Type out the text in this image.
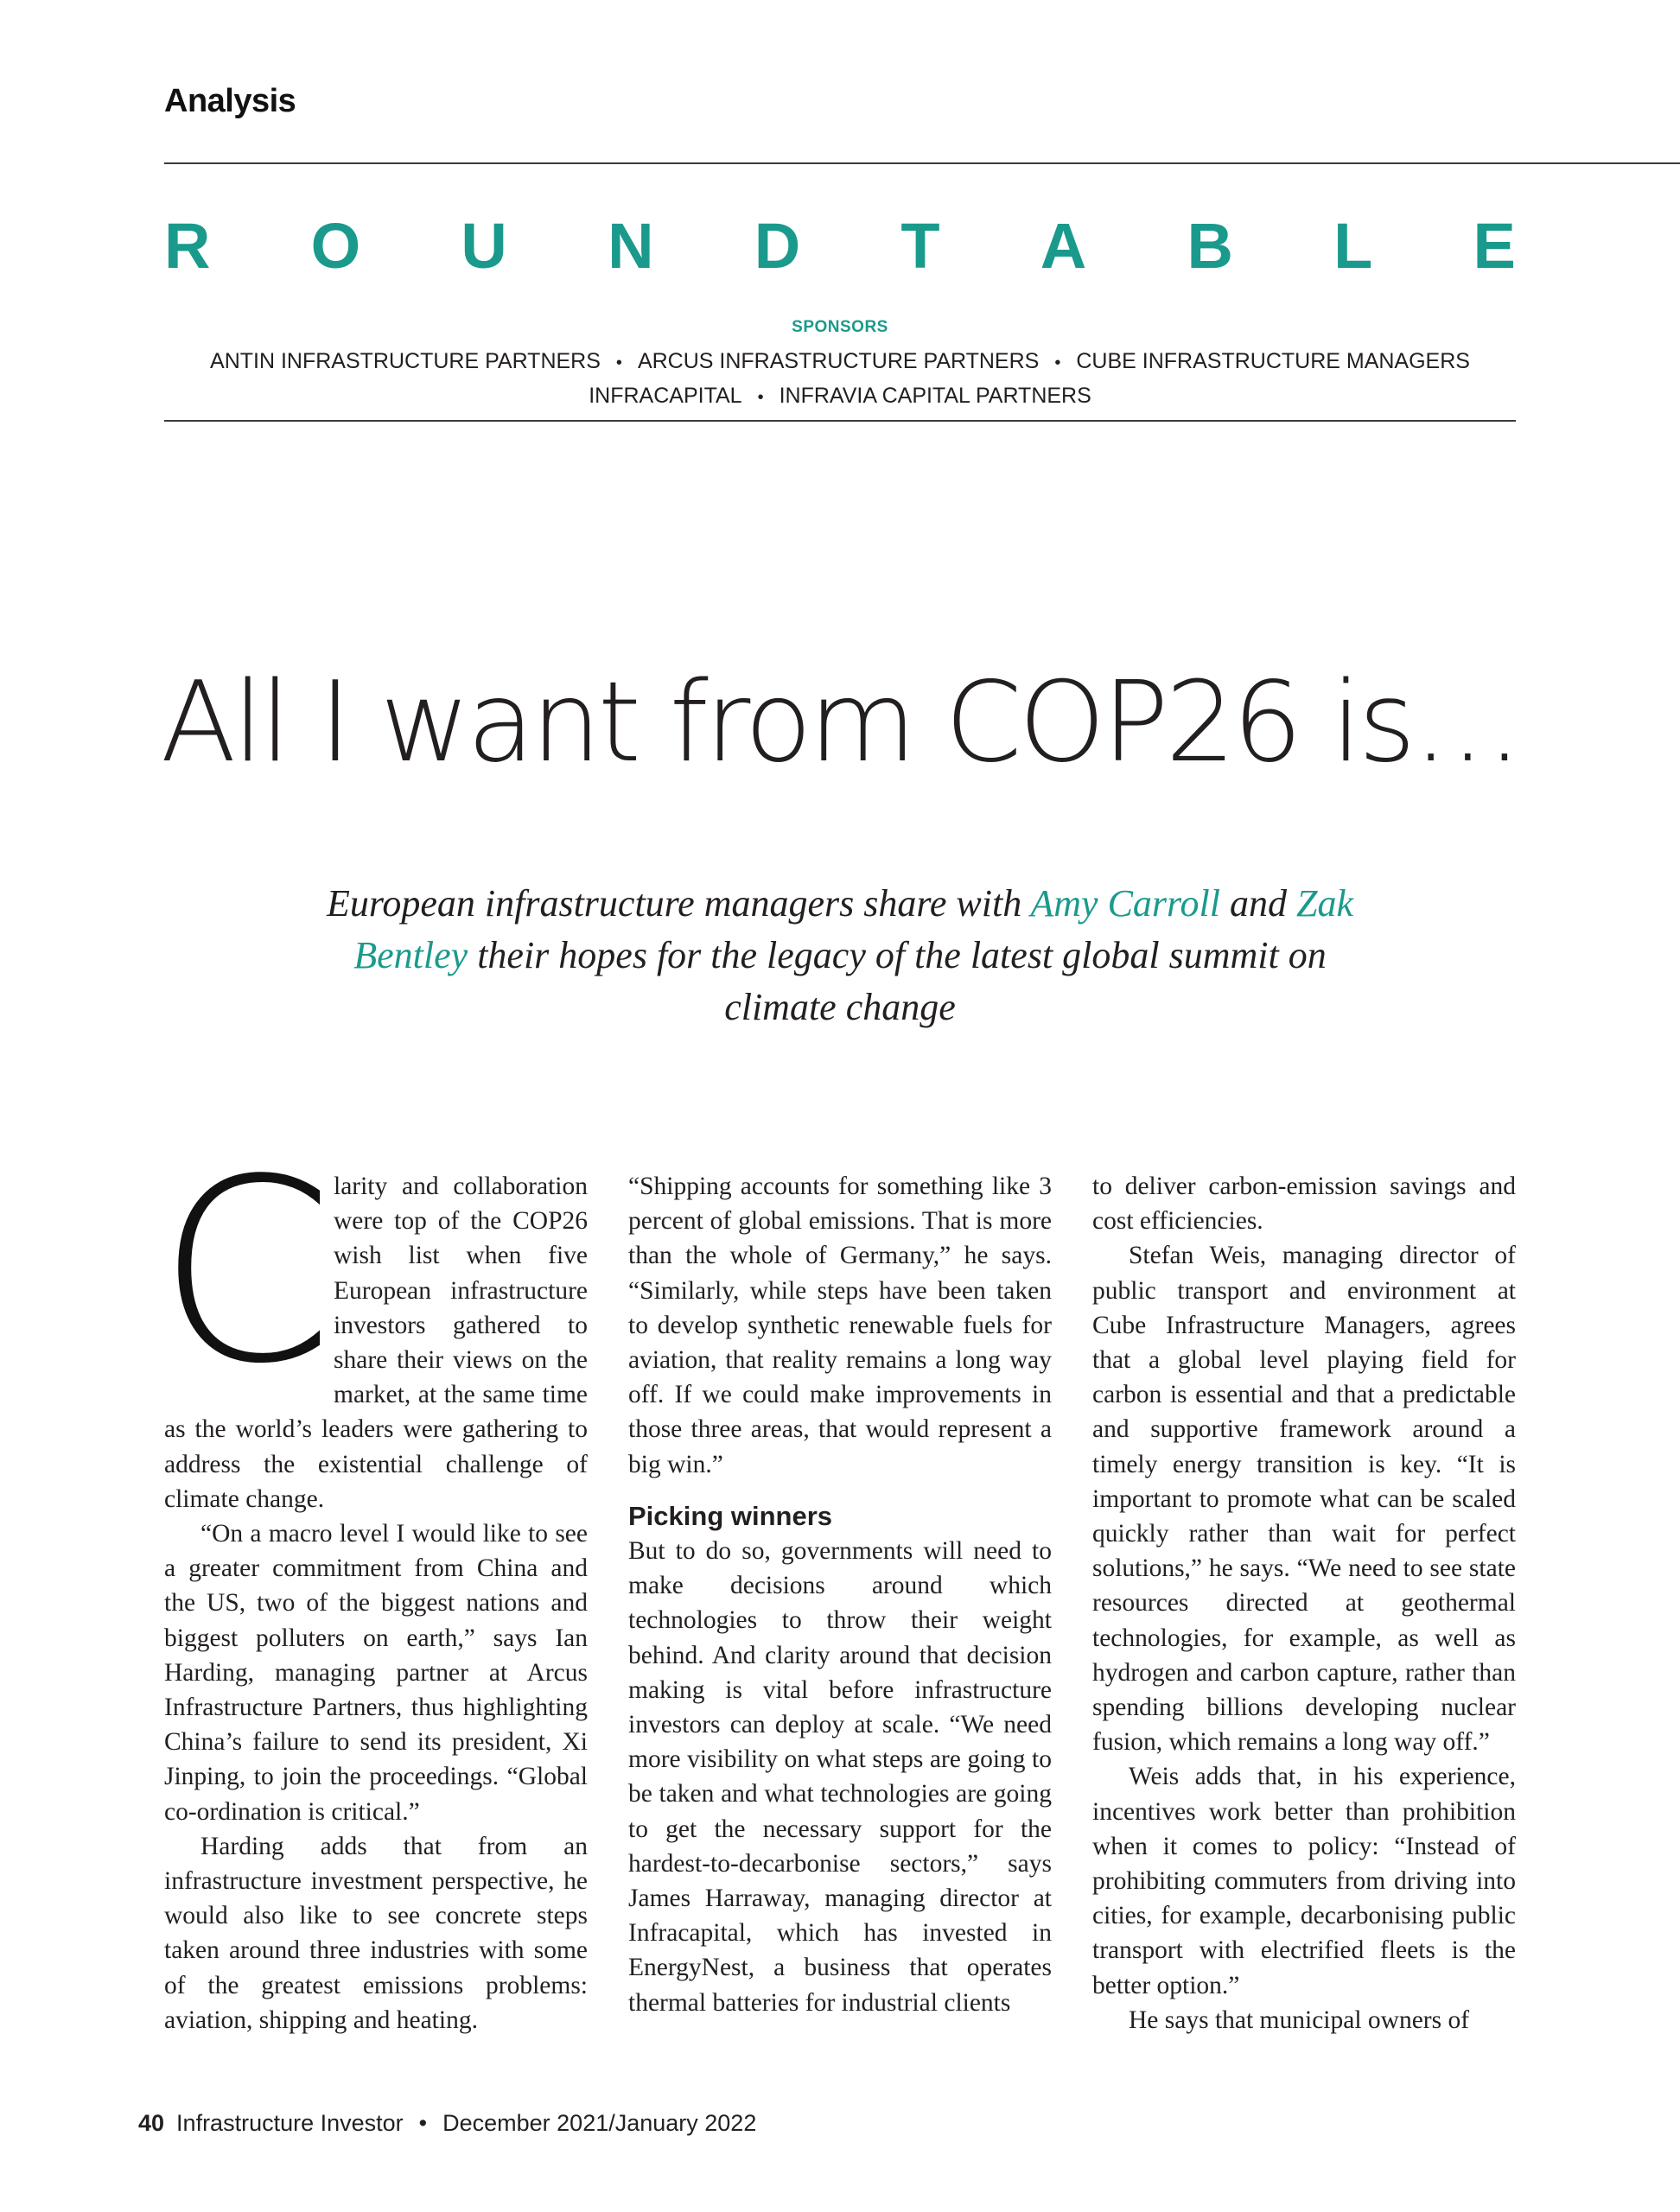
Analysis
R O U N D T A B L E
SPONSORS
ANTIN INFRASTRUCTURE PARTNERS • ARCUS INFRASTRUCTURE PARTNERS • CUBE INFRASTRUCTURE MANAGERS
INFRACAPITAL • INFRAVIA CAPITAL PARTNERS
All I want from COP26 is…
European infrastructure managers share with Amy Carroll and Zak Bentley their hopes for the legacy of the latest global summit on climate change
C larity and collaboration were top of the COP26 wish list when five European infrastructure investors gathered to share their views on the market, at the same time as the world’s leaders were gathering to address the existential challenge of climate change.

“On a macro level I would like to see a greater commitment from China and the US, two of the biggest nations and biggest polluters on earth,” says Ian Harding, managing partner at Arcus Infrastructure Partners, thus highlighting China’s failure to send its president, Xi Jinping, to join the proceedings. “Global co-ordination is critical.”

Harding adds that from an infrastructure investment perspective, he would also like to see concrete steps taken around three industries with some of the greatest emissions problems: aviation, shipping and heating.

“Shipping accounts for something like 3 percent of global emissions. That is more than the whole of Germany,” he says. “Similarly, while steps have been taken to develop synthetic renewable fuels for aviation, that reality remains a long way off. If we could make improvements in those three areas, that would represent a big win.”

Picking winners

But to do so, governments will need to make decisions around which technologies to throw their weight behind. And clarity around that decision making is vital before infrastructure investors can deploy at scale. “We need more visibility on what steps are going to be taken and what technologies are going to get the necessary support for the hardest-to-decarbonise sectors,” says James Harraway, managing director at Infracapital, which has invested in EnergyNest, a business that operates thermal batteries for industrial clients

to deliver carbon-emission savings and cost efficiencies.

Stefan Weis, managing director of public transport and environment at Cube Infrastructure Managers, agrees that a global level playing field for carbon is essential and that a predictable and supportive framework around a timely energy transition is key. “It is important to promote what can be scaled quickly rather than wait for perfect solutions,” he says. “We need to see state resources directed at geothermal technologies, for example, as well as hydrogen and carbon capture, rather than spending billions developing nuclear fusion, which remains a long way off.”

Weis adds that, in his experience, incentives work better than prohibition when it comes to policy: “Instead of prohibiting commuters from driving into cities, for example, decarbonising public transport with electrified fleets is the better option.”

He says that municipal owners of

40 Infrastructure Investor • December 2021/January 2022
